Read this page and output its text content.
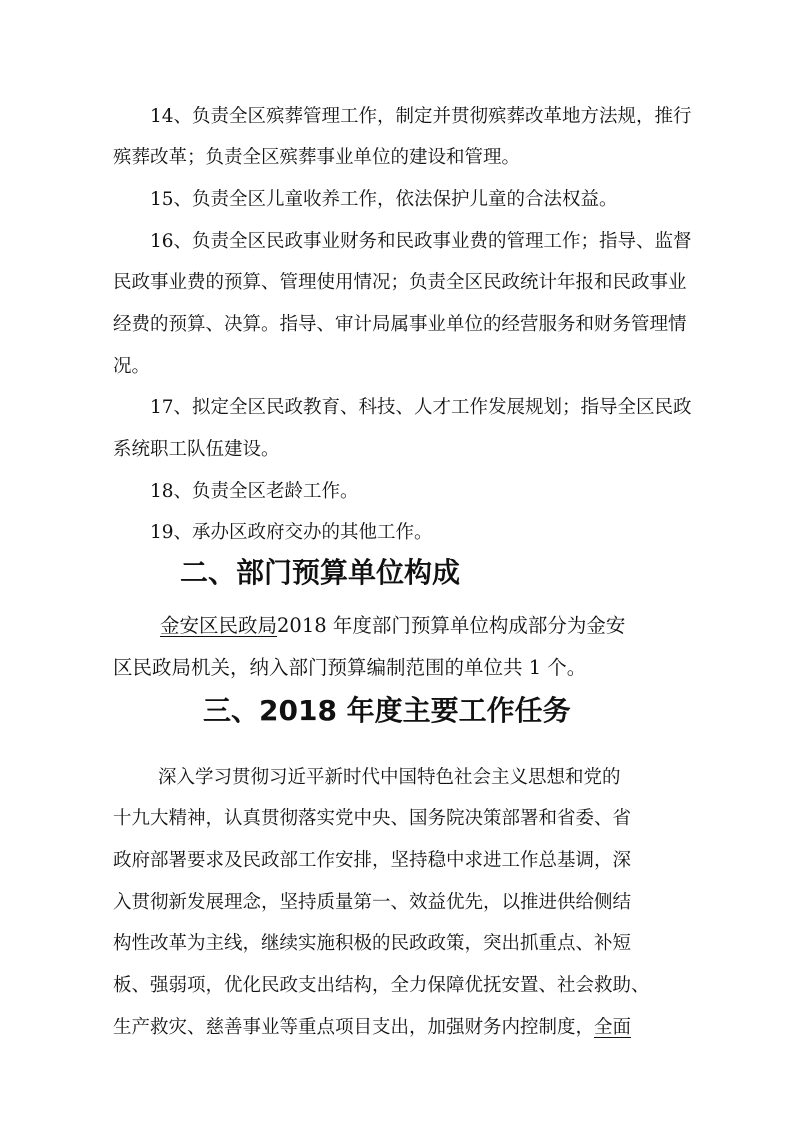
14、负责全区殡葬管理工作，制定并贯彻殡葬改革地方法规，推行
殡葬改革；负责全区殡葬事业单位的建设和管理。
15、负责全区儿童收养工作，依法保护儿童的合法权益。
16、负责全区民政事业财务和民政事业费的管理工作；指导、监督
民政事业费的预算、管理使用情况；负责全区民政统计年报和民政事业
经费的预算、决算。指导、审计局属事业单位的经营服务和财务管理情
况。
17、拟定全区民政教育、科技、人才工作发展规划；指导全区民政
系统职工队伍建设。
18、负责全区老龄工作。
19、承办区政府交办的其他工作。
二、部门预算单位构成
金安区民政局2018 年度部门预算单位构成部分为金安
区民政局机关，纳入部门预算编制范围的单位共 1 个。
三、2018 年度主要工作任务
深入学习贯彻习近平新时代中国特色社会主义思想和党的
十九大精神，认真贯彻落实党中央、国务院决策部署和省委、省
政府部署要求及民政部工作安排，坚持稳中求进工作总基调，深
入贯彻新发展理念，坚持质量第一、效益优先，以推进供给侧结
构性改革为主线，继续实施积极的民政政策，突出抓重点、补短
板、强弱项，优化民政支出结构，全力保障优抚安置、社会救助、
生产救灾、慈善事业等重点项目支出，加强财务内控制度，全面
